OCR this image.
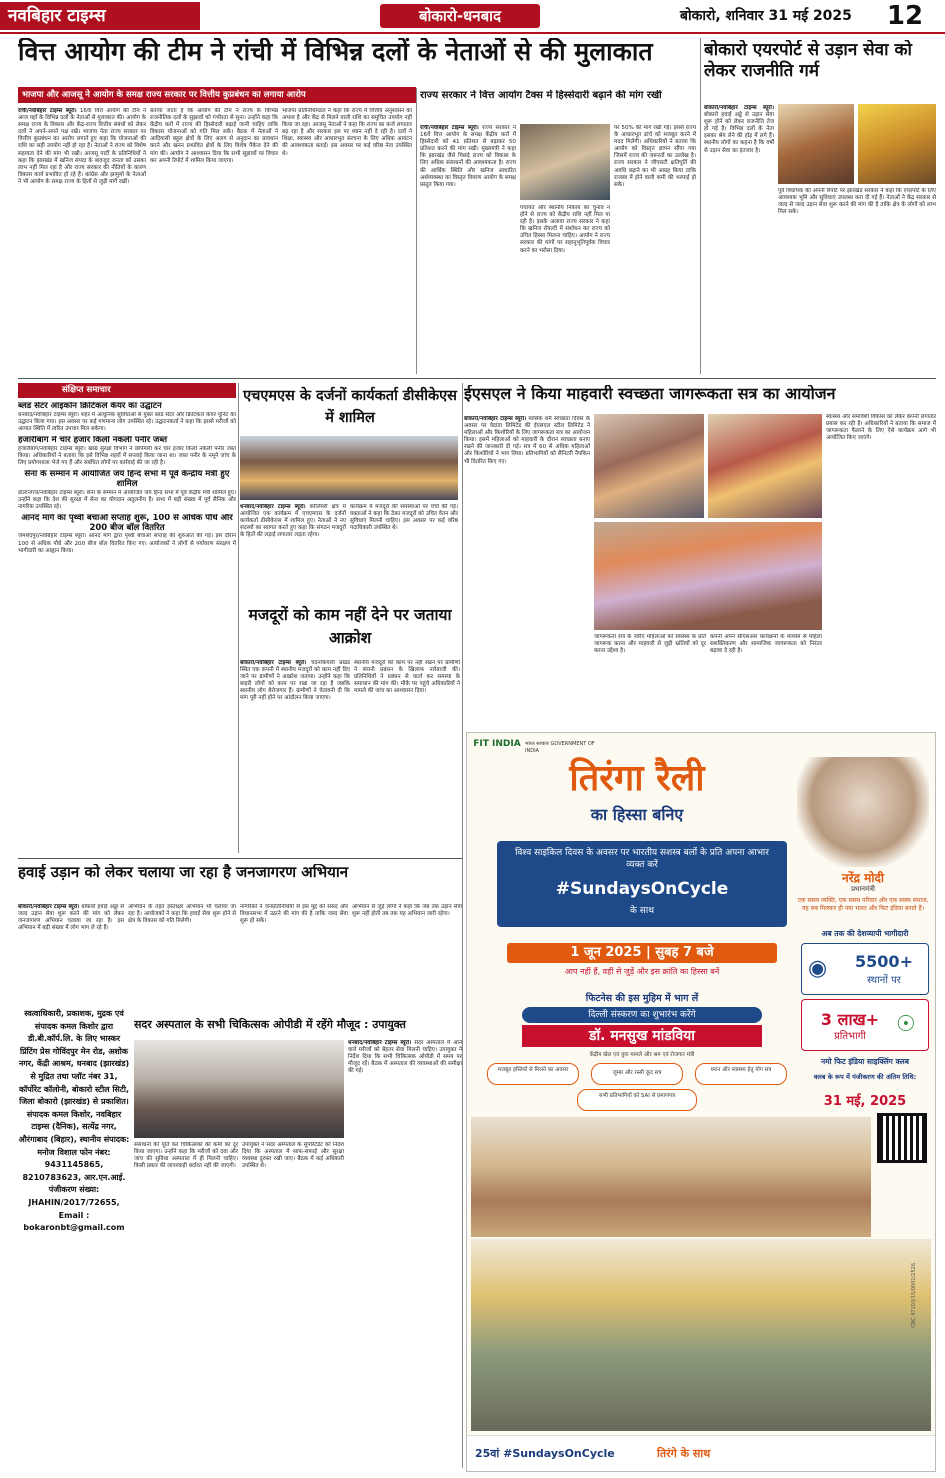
नवबिहार टाइम्स	बोकारो-धनबाद	बोकारो, शनिवार 31 मई 2025	12
वित्त आयोग की टीम ने रांची में विभिन्न दलों के नेताओं से की मुलाकात
भाजपा और आजसू ने आयोग के समक्ष राज्य सरकार पर वित्तीय कुप्रबंधन का लगाया आरोप
रांची/नवबिहार टाइम्स ब्यूरो। 16वां वित्त आयोग की टीम ने आज यहाँ के विभिन्न दलों के नेताओं से मुलाकात की। आयोग के समक्ष राज्य के विकास और केंद्र-राज्य वित्तीय संबंधों को लेकर दलों ने अपने-अपने पक्ष रखे। भाजपा नेता राज्य सरकार पर वित्तीय कुप्रबंधन का आरोप लगाते हुए कहा कि योजनाओं की राशि का सही उपयोग नहीं हो रहा है। नेताओं ने राज्य को विशेष सहायता देने की मांग भी रखी। आजसू पार्टी के प्रतिनिधियों ने कहा कि झारखंड में खनिज संपदा के बावजूद जनता को उसका लाभ नहीं मिल रहा है और राज्य सरकार की नीतियों के कारण विकास कार्य प्रभावित हो रहे हैं। कांग्रेस और झामुमो के नेताओं ने भी आयोग के समक्ष राज्य के हितों से जुड़ी मांगें रखीं।
बताया जाता है कि आयोग की टीम ने राज्य के विभिन्न राजनीतिक दलों के सुझावों को गंभीरता से सुना। उन्होंने कहा कि केंद्रीय करों में राज्य की हिस्सेदारी बढ़ाई जानी चाहिए ताकि विकास योजनाओं को गति मिल सके। बैठक में नेताओं ने आदिवासी बहुल क्षेत्रों के लिए अलग से अनुदान का प्रावधान करने और खनन प्रभावित क्षेत्रों के लिए विशेष पैकेज देने की मांग की। आयोग ने आश्वासन दिया कि सभी सुझावों पर विचार कर अपनी रिपोर्ट में शामिल किया जाएगा।
भाजपा प्रतिनिधिमंडल ने कहा कि राज्य में वित्तीय अनुशासन का अभाव है और केंद्र से मिलने वाली राशि का समुचित उपयोग नहीं किया जा रहा। आजसू नेताओं ने कहा कि राज्य का कर्ज लगातार बढ़ रहा है और सरकार इस पर ध्यान नहीं दे रही है। दलों ने शिक्षा, स्वास्थ्य और आधारभूत संरचना के लिए अधिक आवंटन की आवश्यकता बताई। इस अवसर पर कई वरिष्ठ नेता उपस्थित थे।
राज्य सरकार ने वित्त आयोग टैक्स में हिस्सेदारी बढ़ाने की मांग रखी
रांची/नवबिहार टाइम्स ब्यूरो। राज्य सरकार ने 16वें वित्त आयोग के समक्ष केंद्रीय करों में हिस्सेदारी को 41 प्रतिशत से बढ़ाकर 50 प्रतिशत करने की मांग रखी। मुख्यमंत्री ने कहा कि झारखंड जैसे पिछड़े राज्य को विकास के लिए अधिक संसाधनों की आवश्यकता है। राज्य की आर्थिक स्थिति और खनिज आधारित अर्थव्यवस्था का विस्तृत विवरण आयोग के समक्ष प्रस्तुत किया गया।
पंचायत और स्थानीय निकाय का चुनाव न होने से राज्य को केंद्रीय राशि नहीं मिल पा रही है। इसके अलावा राज्य सरकार ने कहा कि खनिज रॉयल्टी में संशोधन कर राज्य को उचित हिस्सा मिलना चाहिए। आयोग ने राज्य सरकार की मांगों पर सहानुभूतिपूर्वक विचार करने का भरोसा दिया।
पर 50% की मांग रखी गई। इससे राज्य के आधारभूत ढांचे को मजबूत करने में मदद मिलेगी। अधिकारियों ने बताया कि आयोग को विस्तृत ज्ञापन सौंपा गया जिसमें राज्य की जरूरतों का उल्लेख है। राज्य सरकार ने जीएसटी क्षतिपूर्ति की अवधि बढ़ाने का भी आग्रह किया ताकि राजस्व में होने वाली कमी की भरपाई हो सके।
बोकारो एयरपोर्ट से उड़ान सेवा को लेकर राजनीति गर्म
बोकारो/नवबिहार टाइम्स ब्यूरो। बोकारो हवाई अड्डे से उड़ान सेवा शुरू होने को लेकर राजनीति तेज हो गई है। विभिन्न दलों के नेता इसका श्रेय लेने की होड़ में लगे हैं। स्थानीय लोगों का कहना है कि वर्षों से उड़ान सेवा का इंतजार है।
पूर्व विधायक की अपनी रिपोर्ट पर झारखंड सरकार ने कहा कि एयरपोर्ट के लिए आवश्यक भूमि और सुविधाएं उपलब्ध करा दी गई हैं। नेताओं ने केंद्र सरकार से जल्द से जल्द उड़ान सेवा शुरू करने की मांग की है ताकि क्षेत्र के लोगों को लाभ मिल सके।
संक्षिप्त समाचार
ब्लड सेंटर आइकॉन क्रिटिकल केयर का उद्घाटन
धनबाद/नवबिहार टाइम्स ब्यूरो। शहर में आधुनिक सुविधाओं से युक्त ब्लड सेंटर और क्रिटिकल केयर यूनिट का उद्घाटन किया गया। इस अवसर पर कई गणमान्य लोग उपस्थित रहे। उद्घाटनकर्ता ने कहा कि इससे मरीजों को आपात स्थिति में त्वरित उपचार मिल सकेगा।
हजारीबाग में चार हजार किलो नकली पनीर जब्त
हजारीबाग/नवबिहार टाइम्स ब्यूरो। खाद्य सुरक्षा विभाग ने छापेमारी कर चार हजार किलो नकली पनीर जब्त किया। अधिकारियों ने बताया कि इसे विभिन्न शहरों में सप्लाई किया जाना था। जब्त पनीर के नमूने जांच के लिए प्रयोगशाला भेजे गए हैं और संबंधित लोगों पर कार्रवाई की जा रही है।
सेना के सम्मान में आयोजित जय हिन्द सभा में पूर्व केन्द्रीय मंत्री हुए शामिल
डाल्टनगंज/नवबिहार टाइम्स ब्यूरो। सेना के सम्मान में आयोजित जय हिन्द सभा में पूर्व केंद्रीय मंत्री शामिल हुए। उन्होंने कहा कि देश की सुरक्षा में सेना का योगदान अतुलनीय है। सभा में बड़ी संख्या में पूर्व सैनिक और नागरिक उपस्थित रहे।
आनंद मार्ग का पृथ्वी बचाओ सप्ताह शुरू, 100 से अधिक पौधे और 200 बीज बॉल वितरित
जमशेदपुर/नवबिहार टाइम्स ब्यूरो। आनंद मार्ग द्वारा पृथ्वी बचाओ सप्ताह की शुरुआत की गई। इस दौरान 100 से अधिक पौधे और 200 बीज बॉल वितरित किए गए। आयोजकों ने लोगों से पर्यावरण संरक्षण में भागीदारी का आह्वान किया।
एचएमएस के दर्जनों कार्यकर्ता डीसीकेएस में शामिल
धनबाद/नवबिहार टाइम्स ब्यूरो। कोलियरी क्षेत्र में आयोजित एक कार्यक्रम में एचएमएस के दर्जनों कार्यकर्ता डीसीकेएस में शामिल हुए। नेताओं ने नए सदस्यों का स्वागत करते हुए कहा कि संगठन मजदूरों के हितों की लड़ाई लगातार लड़ता रहेगा।
कार्यक्रम में मजदूरों की समस्याओं पर चर्चा की गई। वक्ताओं ने कहा कि ठेका मजदूरों को उचित वेतन और सुविधाएं मिलनी चाहिए। इस अवसर पर कई वरिष्ठ पदाधिकारी उपस्थित थे।
ईएसएल ने किया माहवारी स्वच्छता जागरूकता सत्र का आयोजन
बोकारो/नवबिहार टाइम्स ब्यूरो। मासिक धर्म स्वच्छता दिवस के अवसर पर वेदांता लिमिटेड की ईएसएल स्टील लिमिटेड ने महिलाओं और किशोरियों के लिए जागरूकता सत्र का आयोजन किया। इसमें महिलाओं को माहवारी के दौरान स्वच्छता बनाए रखने की जानकारी दी गई। सत्र में 60 से अधिक महिलाओं और किशोरियों ने भाग लिया। प्रतिभागियों को सैनिटरी नैपकिन भी वितरित किए गए।
स्वास्थ्य और समावेशी विकास को लेकर कंपनी लगातार प्रयास कर रही है। अधिकारियों ने बताया कि समाज में जागरूकता फैलाने के लिए ऐसे कार्यक्रम आगे भी आयोजित किए जाएंगे।
जागरूकता सत्र के जरिए महिलाओं को स्वास्थ्य के प्रति जागरूक करना और माहवारी से जुड़ी भ्रांतियों को दूर करना उद्देश्य है।
कंपनी अपने सीएसआर कार्यक्रमों के माध्यम से महिला सशक्तिकरण और सामाजिक जागरूकता को निरंतर बढ़ावा दे रही है।
मजदूरों को काम नहीं देने पर जताया आक्रोश
बोकारो/नवबिहार टाइम्स ब्यूरो। चंदनकियारी प्रखंड स्थित एक कंपनी में स्थानीय मजदूरों को काम नहीं दिए जाने पर ग्रामीणों ने आक्रोश जताया। उन्होंने कहा कि बाहरी लोगों को काम पर रखा जा रहा है जबकि स्थानीय लोग बेरोजगार हैं। ग्रामीणों ने चेतावनी दी कि मांग पूरी नहीं होने पर आंदोलन किया जाएगा।
स्थानीय मजदूरों को काम पर नहीं रखने पर ग्रामीणों ने कंपनी प्रबंधन के खिलाफ नारेबाजी की। प्रतिनिधियों ने प्रबंधन से वार्ता कर समस्या के समाधान की मांग की। मौके पर पहुंचे अधिकारियों ने मामले की जांच का आश्वासन दिया।
हवाई उड़ान को लेकर चलाया जा रहा है जनजागरण अभियान
बोकारो/नवबिहार टाइम्स ब्यूरो। बोकारो हवाई अड्डा से जल्द उड़ान सेवा शुरू करने की मांग को लेकर जनजागरण अभियान चलाया जा रहा है। इस अभियान में बड़ी संख्या में लोग भाग ले रहे हैं।
अभियान के तहत हस्ताक्षर अभियान भी चलाया जा रहा है। आयोजकों ने कहा कि हवाई सेवा शुरू होने से क्षेत्र के विकास को गति मिलेगी।
नागरिकों ने जनप्रतिनिधियों से इस मुद्दे को संसद और विधानसभा में उठाने की मांग की है ताकि जल्द सेवा शुरू हो सके।
अभियान से जुड़े लोगों ने कहा कि जब तक उड़ान सेवा शुरू नहीं होती तब तक यह अभियान जारी रहेगा।
स्वत्वाधिकारी, प्रकाशक, मुद्रक एवं संपादक कमल किशोर द्वारा डी.बी.कॉर्प.लि. के लिए भास्कर प्रिंटिंग प्रेस गोविंदपुर मेन रोड, अशोक नगर, केंद्री आश्रम, धनबाद (झारखंड) से मुद्रित तथा प्लॉट नंबर 31, कॉर्पोरेट कॉलोनी, बोकारो स्टील सिटी, जिला बोकारो (झारखंड) से प्रकाशित। संपादक कमल किशोर, नवबिहार टाइम्स (दैनिक), सत्येंद्र नगर, औरंगाबाद (बिहार), स्थानीय संपादक: मनोज विशाल फोन नंबर: 9431145865, 8210783623, आर.एन.आई. पंजीकरण संख्या: JHAHIN/2017/72655, Email : bokaronbt@gmail.com
सदर अस्पताल के सभी चिकित्सक ओपीडी में रहेंगे मौजूद : उपायुक्त
धनबाद/नवबिहार टाइम्स ब्यूरो। सदर अस्पताल में आने वाले मरीजों को बेहतर सेवा मिलनी चाहिए। उपायुक्त ने निर्देश दिया कि सभी चिकित्सक ओपीडी में समय पर मौजूद रहें। बैठक में अस्पताल की व्यवस्थाओं की समीक्षा की गई।
संसाधनों की पूर्ति कर चिकित्सकों की कमी को दूर किया जाएगा। उन्होंने कहा कि मरीजों को दवा और जांच की सुविधा अस्पताल में ही मिलनी चाहिए। किसी प्रकार की लापरवाही बर्दाश्त नहीं की जाएगी।
उपायुक्त ने सदर अस्पताल के सुपरिटेंडेंट को निर्देश दिया कि अस्पताल में साफ-सफाई और सुरक्षा व्यवस्था दुरुस्त रखी जाए। बैठक में कई अधिकारी उपस्थित थे।
FIT INDIA भारत सरकार GOVERNMENT OF INDIA
तिरंगा रैली
का हिस्सा बनिए
नरेंद्र मोदी
प्रधानमंत्री
एक स्वस्थ व्यक्ति, एक स्वस्थ परिवार और एक स्वस्थ समाज, यह सब मिलकर ही नया भारत और फिट इंडिया बनाते हैं।
विश्व साइकिल दिवस के अवसर पर भारतीय सशस्त्र बलों के प्रति अपना आभार व्यक्त करें
#SundaysOnCycle
के साथ
1 जून 2025 | सुबह 7 बजे
आप नहीं हैं, वहीं से जुड़ें और इस क्रांति का हिस्सा बनें
फिटनेस की इस मुहिम में भाग लें
दिल्ली संस्करण का शुभारंभ करेंगे
डॉ. मनसुख मांडविया
केंद्रीय खेल एवं युवा मामले और श्रम एवं रोजगार मंत्री
मजबूत हस्तियों से मिलने का अवसर	जुम्बा और रस्सी कूद सत्र	ध्यान और स्वास्थ्य हेतु योग सत्र
सभी प्रतिभागियों को SAI से प्रमाणपत्र
अब तक की देशव्यापी भागीदारी
◉	5500+
स्थानों पर
3 लाख+
प्रतिभागी	☉
नमो फिट इंडिया साइक्लिंग क्लब
क्लब के रूप में पंजीकरण की अंतिम तिथि:
31 मई, 2025
25वां #SundaysOnCycle	तिरंगे के साथ
CBC 47103/15/0001/2526
